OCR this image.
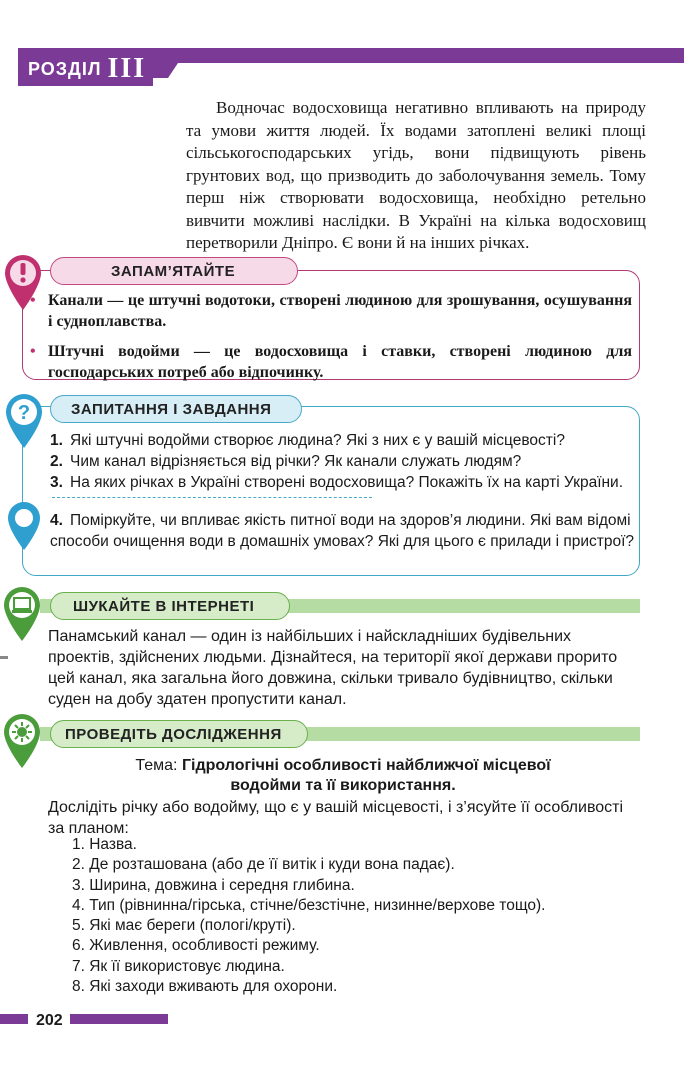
РОЗДІЛ III
Водночас водосховища негативно впливають на природу та умови життя людей. Їх водами затоплені великі площі сільськогосподарських угідь, вони підвищують рівень грунтових вод, що призводить до заболочування земель. Тому перш ніж створювати водосховища, необхідно ретельно вивчити можливі наслідки. В Україні на кілька водосховищ перетворили Дніпро. Є вони й на інших річках.
ЗАПАМ’ЯТАЙТЕ
• Канали — це штучні водотоки, створені людиною для зрошування, осушування і судноплавства.
• Штучні водойми — це водосховища і ставки, створені людиною для господарських потреб або відпочинку.
?	ЗАПИТАННЯ І ЗАВДАННЯ
1. Які штучні водойми створює людина? Які з них є у вашій місцевості?
2. Чим канал відрізняється від річки? Як канали служать людям?
3. На яких річках в Україні створені водосховища? Покажіть їх на карті України.
4. Поміркуйте, чи впливає якість питної води на здоров’я людини. Які вам відомі способи очищення води в домашніх умовах? Які для цього є прилади і пристрої?
ШУКАЙТЕ В ІНТЕРНЕТІ
Панамський канал — один із найбільших і найскладніших будівельних проектів, здійснених людьми. Дізнайтеся, на території якої держави прорито цей канал, яка загальна його довжина, скільки тривало будівництво, скільки суден на добу здатен пропустити канал.
ПРОВЕДІТЬ ДОСЛІДЖЕННЯ
Тема: Гідрологічні особливості найближчої місцевої
водойми та її використання.
Дослідіть річку або водойму, що є у вашій місцевості, і з’ясуйте її особливості за планом:
1. Назва.
2. Де розташована (або де її витік і куди вона падає).
3. Ширина, довжина і середня глибина.
4. Тип (рівнинна/гірська, стічне/безстічне, низинне/верхове тощо).
5. Які має береги (пологі/круті).
6. Живлення, особливості режиму.
7. Як її використовує людина.
8. Які заходи вживають для охорони.
202
